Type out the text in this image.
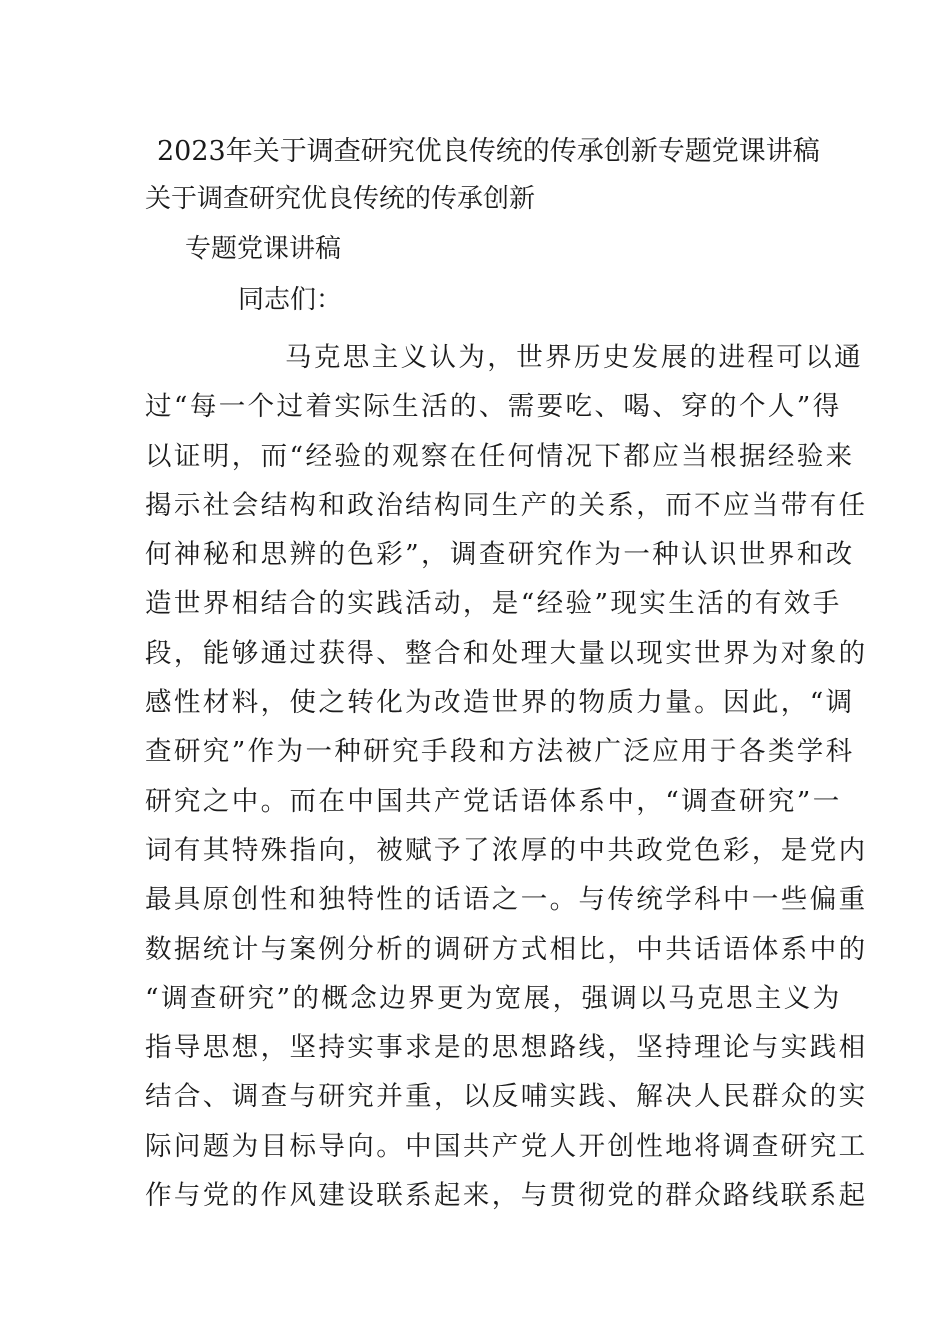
2023年关于调查研究优良传统的传承创新专题党课讲稿
关于调查研究优良传统的传承创新
专题党课讲稿
同志们：
马克思主义认为，世界历史发展的进程可以通
过“每一个过着实际生活的、需要吃、喝、穿的个人”得
以证明，而“经验的观察在任何情况下都应当根据经验来
揭示社会结构和政治结构同生产的关系，而不应当带有任
何神秘和思辨的色彩”，调查研究作为一种认识世界和改
造世界相结合的实践活动，是“经验”现实生活的有效手
段，能够通过获得、整合和处理大量以现实世界为对象的
感性材料，使之转化为改造世界的物质力量。因此，“调
查研究”作为一种研究手段和方法被广泛应用于各类学科
研究之中。而在中国共产党话语体系中，“调查研究”一
词有其特殊指向，被赋予了浓厚的中共政党色彩，是党内
最具原创性和独特性的话语之一。与传统学科中一些偏重
数据统计与案例分析的调研方式相比，中共话语体系中的
“调查研究”的概念边界更为宽展，强调以马克思主义为
指导思想，坚持实事求是的思想路线，坚持理论与实践相
结合、调查与研究并重，以反哺实践、解决人民群众的实
际问题为目标导向。中国共产党人开创性地将调查研究工
作与党的作风建设联系起来，与贯彻党的群众路线联系起
